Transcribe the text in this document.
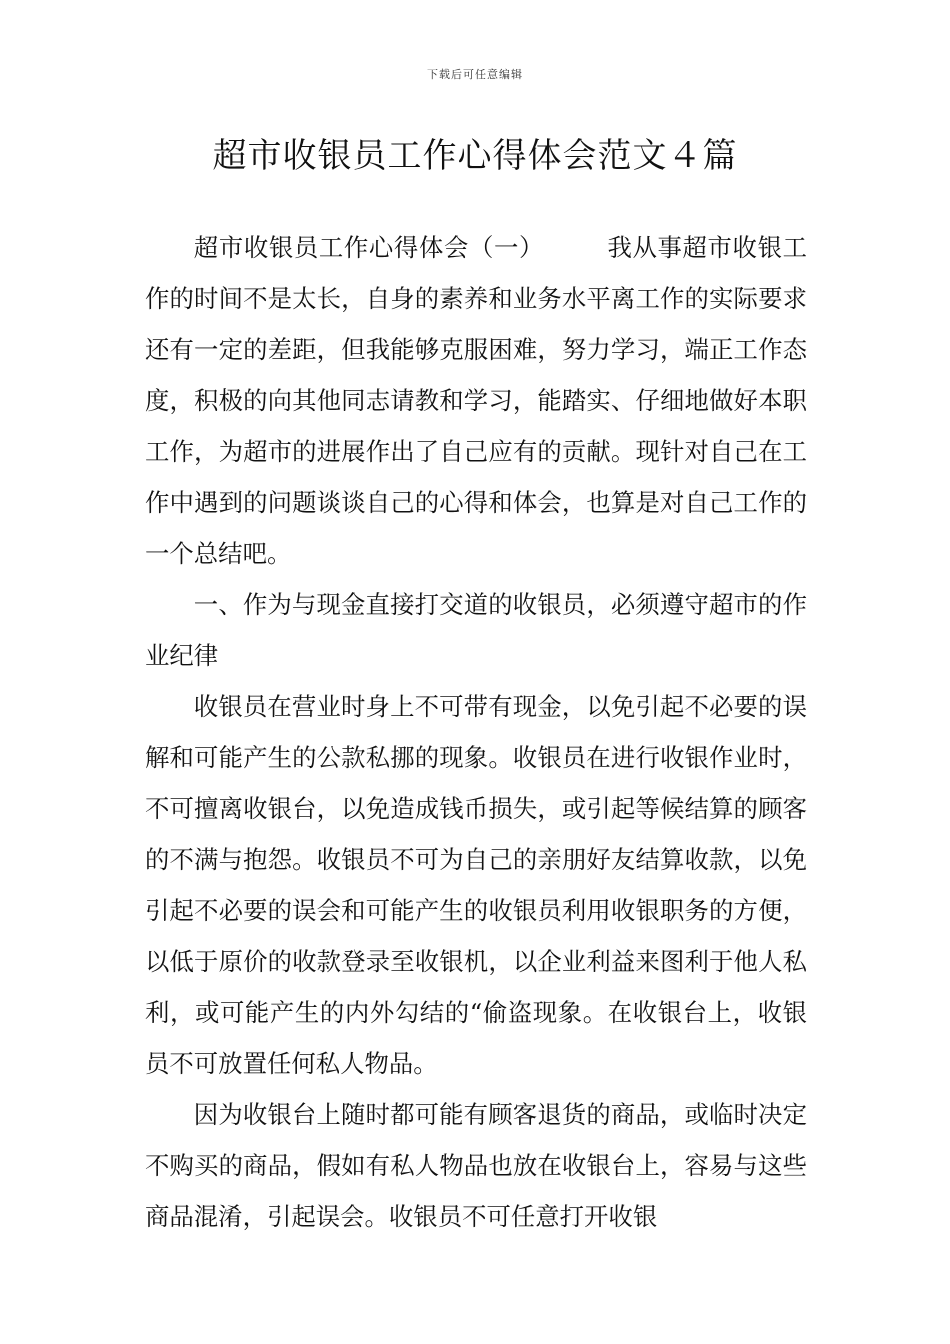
下载后可任意编辑
超市收银员工作心得体会范文４篇

超市收银员工作心得体会（一）	我从事超市收银工作的时间不是太长，自身的素养和业务水平离工作的实际要求还有一定的差距，但我能够克服困难，努力学习，端正工作态度，积极的向其他同志请教和学习，能踏实、仔细地做好本职工作，为超市的进展作出了自己应有的贡献。现针对自己在工作中遇到的问题谈谈自己的心得和体会，也算是对自己工作的一个总结吧。

一、作为与现金直接打交道的收银员，必须遵守超市的作业纪律

收银员在营业时身上不可带有现金，以免引起不必要的误解和可能产生的公款私挪的现象。收银员在进行收银作业时，不可擅离收银台，以免造成钱币损失，或引起等候结算的顾客的不满与抱怨。收银员不可为自己的亲朋好友结算收款，以免引起不必要的误会和可能产生的收银员利用收银职务的方便，以低于原价的收款登录至收银机，以企业利益来图利于他人私利，或可能产生的内外勾结的“偷盗现象。在收银台上，收银员不可放置任何私人物品。

因为收银台上随时都可能有顾客退货的商品，或临时决定不购买的商品，假如有私人物品也放在收银台上，容易与这些商品混淆，引起误会。收银员不可任意打开收银
